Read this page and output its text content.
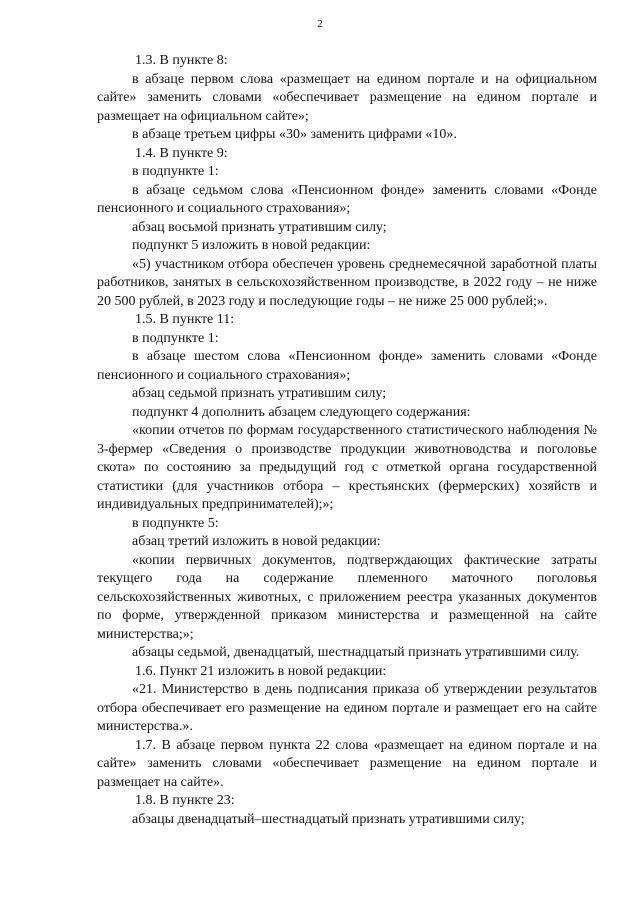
2

1.3. В пункте 8:

в абзаце первом слова «размещает на едином портале и на официальном сайте» заменить словами «обеспечивает размещение на едином портале и размещает на официальном сайте»;

в абзаце третьем цифры «30» заменить цифрами «10».

1.4. В пункте 9:

в подпункте 1:

в абзаце седьмом слова «Пенсионном фонде» заменить словами «Фонде пенсионного и социального страхования»;

абзац восьмой признать утратившим силу;

подпункт 5 изложить в новой редакции:

«5) участником отбора обеспечен уровень среднемесячной заработной платы работников, занятых в сельскохозяйственном производстве, в 2022 году – не ниже 20 500 рублей, в 2023 году и последующие годы – не ниже 25 000 рублей;».

1.5. В пункте 11:

в подпункте 1:

в абзаце шестом слова «Пенсионном фонде» заменить словами «Фонде пенсионного и социального страхования»;

абзац седьмой признать утратившим силу;

подпункт 4 дополнить абзацем следующего содержания:

«копии отчетов по формам государственного статистического наблюдения № 3-фермер «Сведения о производстве продукции животноводства и поголовье скота» по состоянию за предыдущий год с отметкой органа государственной статистики (для участников отбора – крестьянских (фермерских) хозяйств и индивидуальных предпринимателей);»;

в подпункте 5:

абзац третий изложить в новой редакции:

«копии первичных документов, подтверждающих фактические затраты текущего года на содержание племенного маточного поголовья сельскохозяйственных животных, с приложением реестра указанных документов по форме, утвержденной приказом министерства и размещенной на сайте министерства;»;

абзацы седьмой, двенадцатый, шестнадцатый признать утратившими силу.

1.6. Пункт 21 изложить в новой редакции:

«21. Министерство в день подписания приказа об утверждении результатов отбора обеспечивает его размещение на едином портале и размещает его на сайте министерства.».

1.7. В абзаце первом пункта 22 слова «размещает на едином портале и на сайте» заменить словами «обеспечивает размещение на едином портале и размещает на сайте».

1.8. В пункте 23:

абзацы двенадцатый–шестнадцатый признать утратившими силу;
